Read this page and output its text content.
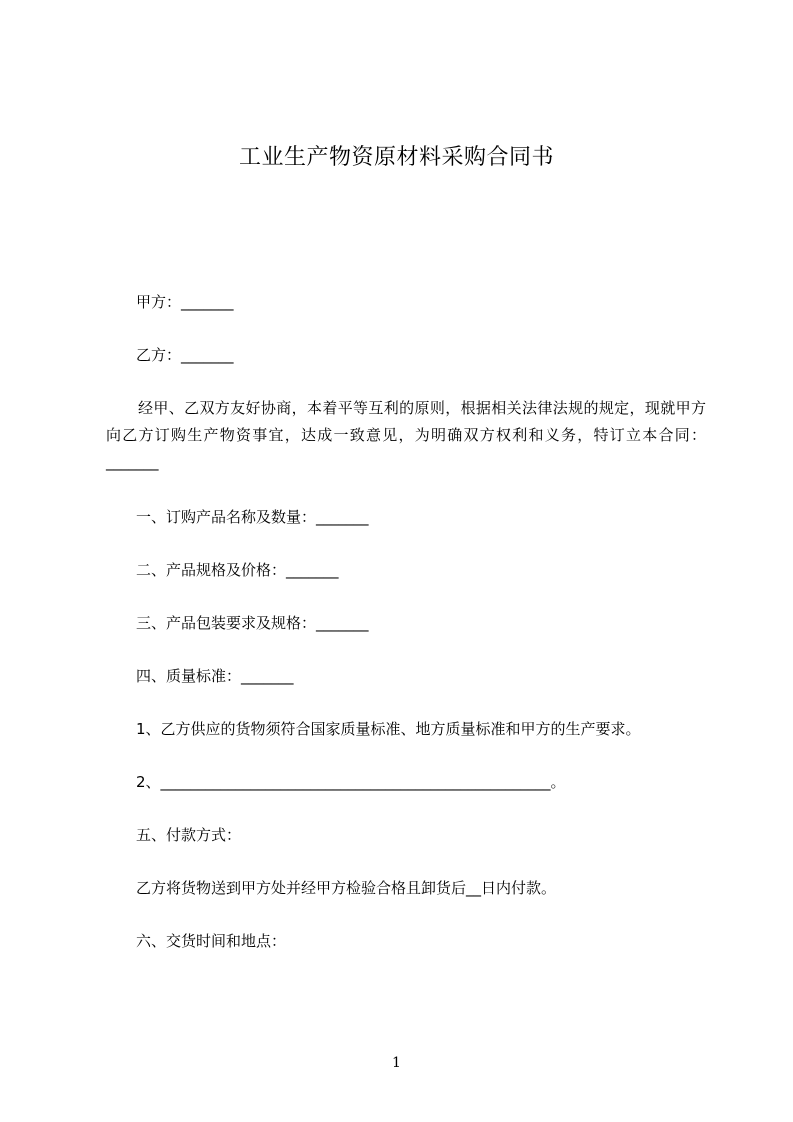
工业生产物资原材料采购合同书
甲方：_______
乙方：_______
经甲、乙双方友好协商，本着平等互利的原则，根据相关法律法规的规定，现就甲方向乙方订购生产物资事宜，达成一致意见，为明确双方权利和义务，特订立本合同：_______
一、订购产品名称及数量：_______
二、产品规格及价格：_______
三、产品包装要求及规格：_______
四、质量标准：_______
1、乙方供应的货物须符合国家质量标准、地方质量标准和甲方的生产要求。
2、____________________________________________________。
五、付款方式：
乙方将货物送到甲方处并经甲方检验合格且卸货后__日内付款。
六、交货时间和地点：
1
